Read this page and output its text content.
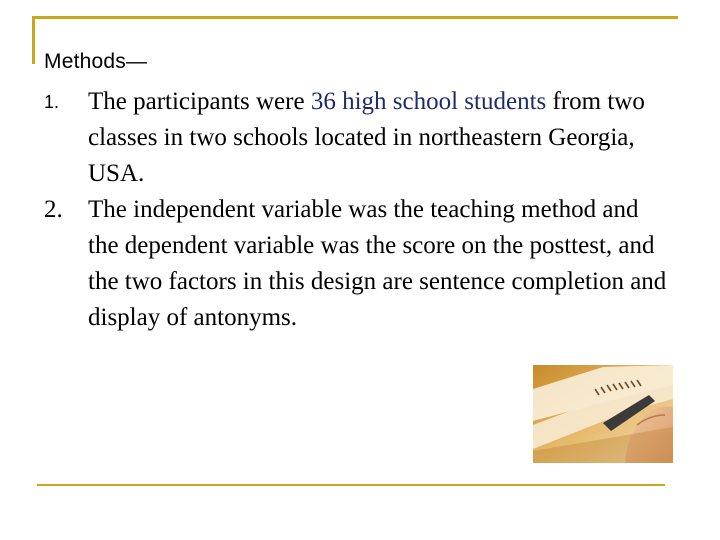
Methods—
1. The participants were 36 high school students from two classes in two schools located in northeastern Georgia, USA.
2. The independent variable was the teaching method and the dependent variable was the score on the posttest, and the two factors in this design are sentence completion and display of antonyms.
